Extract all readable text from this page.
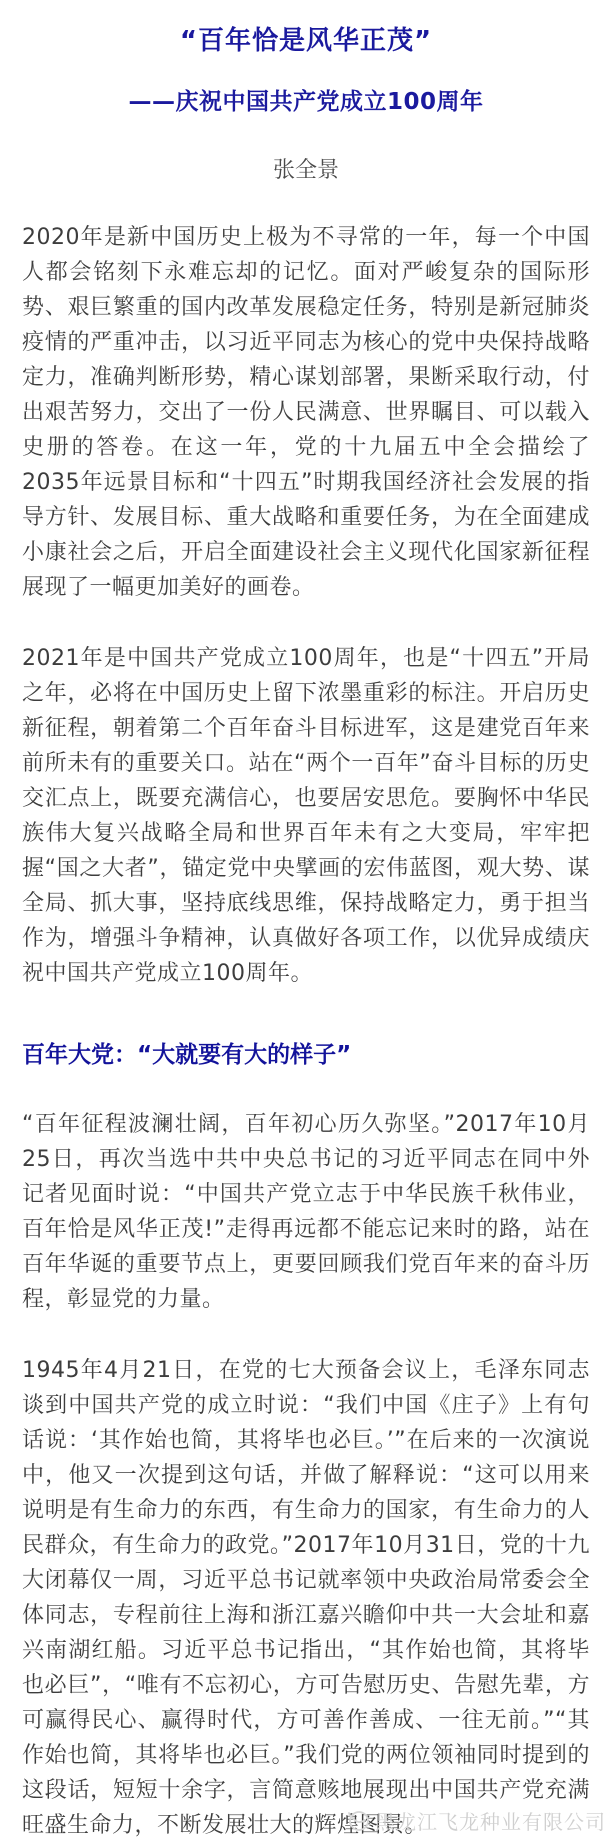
“百年恰是风华正茂”
——庆祝中国共产党成立100周年
张全景

2020年是新中国历史上极为不寻常的一年，每一个中国人都会铭刻下永难忘却的记忆。面对严峻复杂的国际形势、艰巨繁重的国内改革发展稳定任务，特别是新冠肺炎疫情的严重冲击，以习近平同志为核心的党中央保持战略定力，准确判断形势，精心谋划部署，果断采取行动，付出艰苦努力，交出了一份人民满意、世界瞩目、可以载入史册的答卷。在这一年，党的十九届五中全会描绘了2035年远景目标和“十四五”时期我国经济社会发展的指导方针、发展目标、重大战略和重要任务，为在全面建成小康社会之后，开启全面建设社会主义现代化国家新征程展现了一幅更加美好的画卷。

2021年是中国共产党成立100周年，也是“十四五”开局之年，必将在中国历史上留下浓墨重彩的标注。开启历史新征程，朝着第二个百年奋斗目标进军，这是建党百年来前所未有的重要关口。站在“两个一百年”奋斗目标的历史交汇点上，既要充满信心，也要居安思危。要胸怀中华民族伟大复兴战略全局和世界百年未有之大变局，牢牢把握“国之大者”，锚定党中央擘画的宏伟蓝图，观大势、谋全局、抓大事，坚持底线思维，保持战略定力，勇于担当作为，增强斗争精神，认真做好各项工作，以优异成绩庆祝中国共产党成立100周年。

百年大党：“大就要有大的样子”

“百年征程波澜壮阔，百年初心历久弥坚。”2017年10月25日，再次当选中共中央总书记的习近平同志在同中外记者见面时说：“中国共产党立志于中华民族千秋伟业，百年恰是风华正茂!”走得再远都不能忘记来时的路，站在百年华诞的重要节点上，更要回顾我们党百年来的奋斗历程，彰显党的力量。

1945年4月21日，在党的七大预备会议上，毛泽东同志谈到中国共产党的成立时说：“我们中国《庄子》上有句话说：‘其作始也简，其将毕也必巨。’”在后来的一次演说中，他又一次提到这句话，并做了解释说：“这可以用来说明是有生命力的东西，有生命力的国家，有生命力的人民群众，有生命力的政党。”2017年10月31日，党的十九大闭幕仅一周，习近平总书记就率领中央政治局常委会全体同志，专程前往上海和浙江嘉兴瞻仰中共一大会址和嘉兴南湖红船。习近平总书记指出，“其作始也简，其将毕也必巨”，“唯有不忘初心，方可告慰历史、告慰先辈，方可赢得民心、赢得时代，方可善作善成、一往无前。”“其作始也简，其将毕也必巨。”我们党的两位领袖同时提到的这段话，短短十余字，言简意赅地展现出中国共产党充满旺盛生命力，不断发展壮大的辉煌图景。

黑龙江飞龙种业有限公司
